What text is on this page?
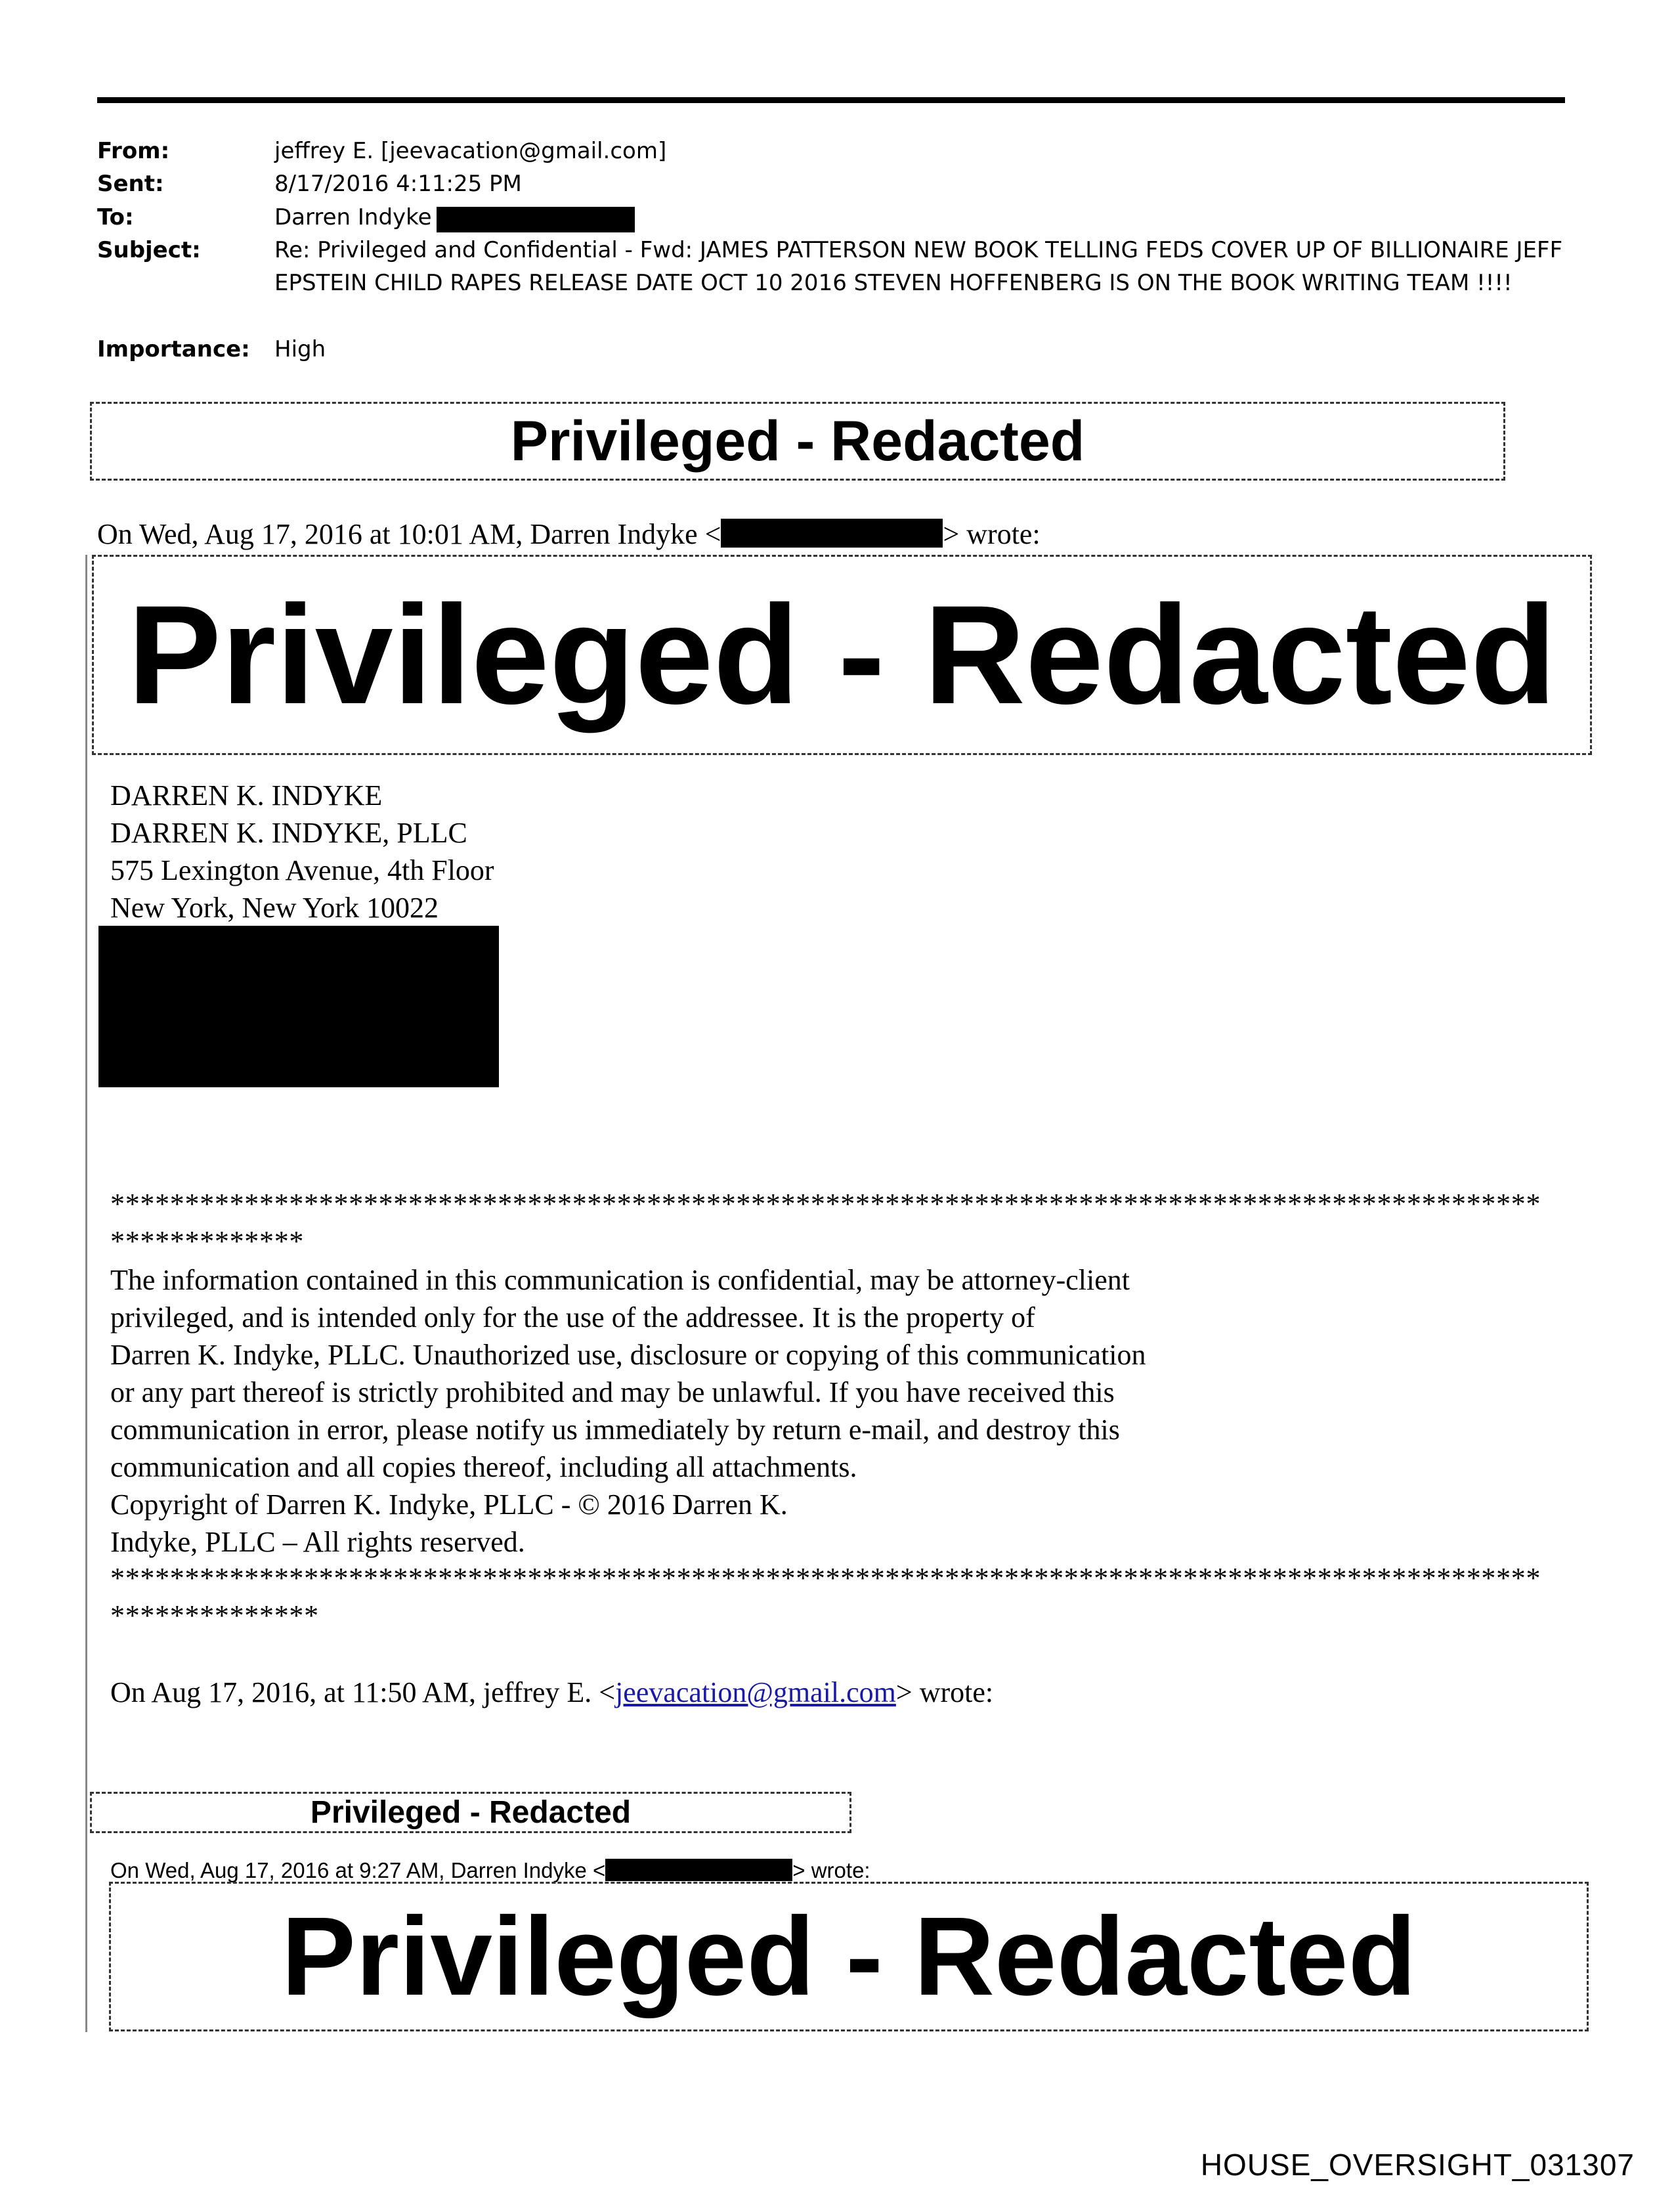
From:	jeffrey E. [jeevacation@gmail.com]
Sent:	8/17/2016 4:11:25 PM
To:	Darren Indyke
Subject:	Re: Privileged and Confidential - Fwd: JAMES PATTERSON NEW BOOK TELLING FEDS COVER UP OF BILLIONAIRE JEFF
EPSTEIN CHILD RAPES RELEASE DATE OCT 10 2016 STEVEN HOFFENBERG IS ON THE BOOK WRITING TEAM !!!!
Importance: High
Privileged - Redacted
On Wed, Aug 17, 2016 at 10:01 AM, Darren Indyke <	> wrote:
Privileged - Redacted
DARREN K. INDYKE
DARREN K. INDYKE, PLLC
575 Lexington Avenue, 4th Floor
New York, New York 10022
************************************************************************************************
*************
The information contained in this communication is confidential, may be attorney-client
privileged, and is intended only for the use of the addressee. It is the property of
Darren K. Indyke, PLLC. Unauthorized use, disclosure or copying of this communication
or any part thereof is strictly prohibited and may be unlawful. If you have received this
communication in error, please notify us immediately by return e-mail, and destroy this
communication and all copies thereof, including all attachments.
Copyright of Darren K. Indyke, PLLC - © 2016 Darren K.
Indyke, PLLC – All rights reserved.
************************************************************************************************
**************
On Aug 17, 2016, at 11:50 AM, jeffrey E. <jeevacation@gmail.com> wrote:
Privileged - Redacted
On Wed, Aug 17, 2016 at 9:27 AM, Darren Indyke <	> wrote:
Privileged - Redacted
HOUSE_OVERSIGHT_031307
